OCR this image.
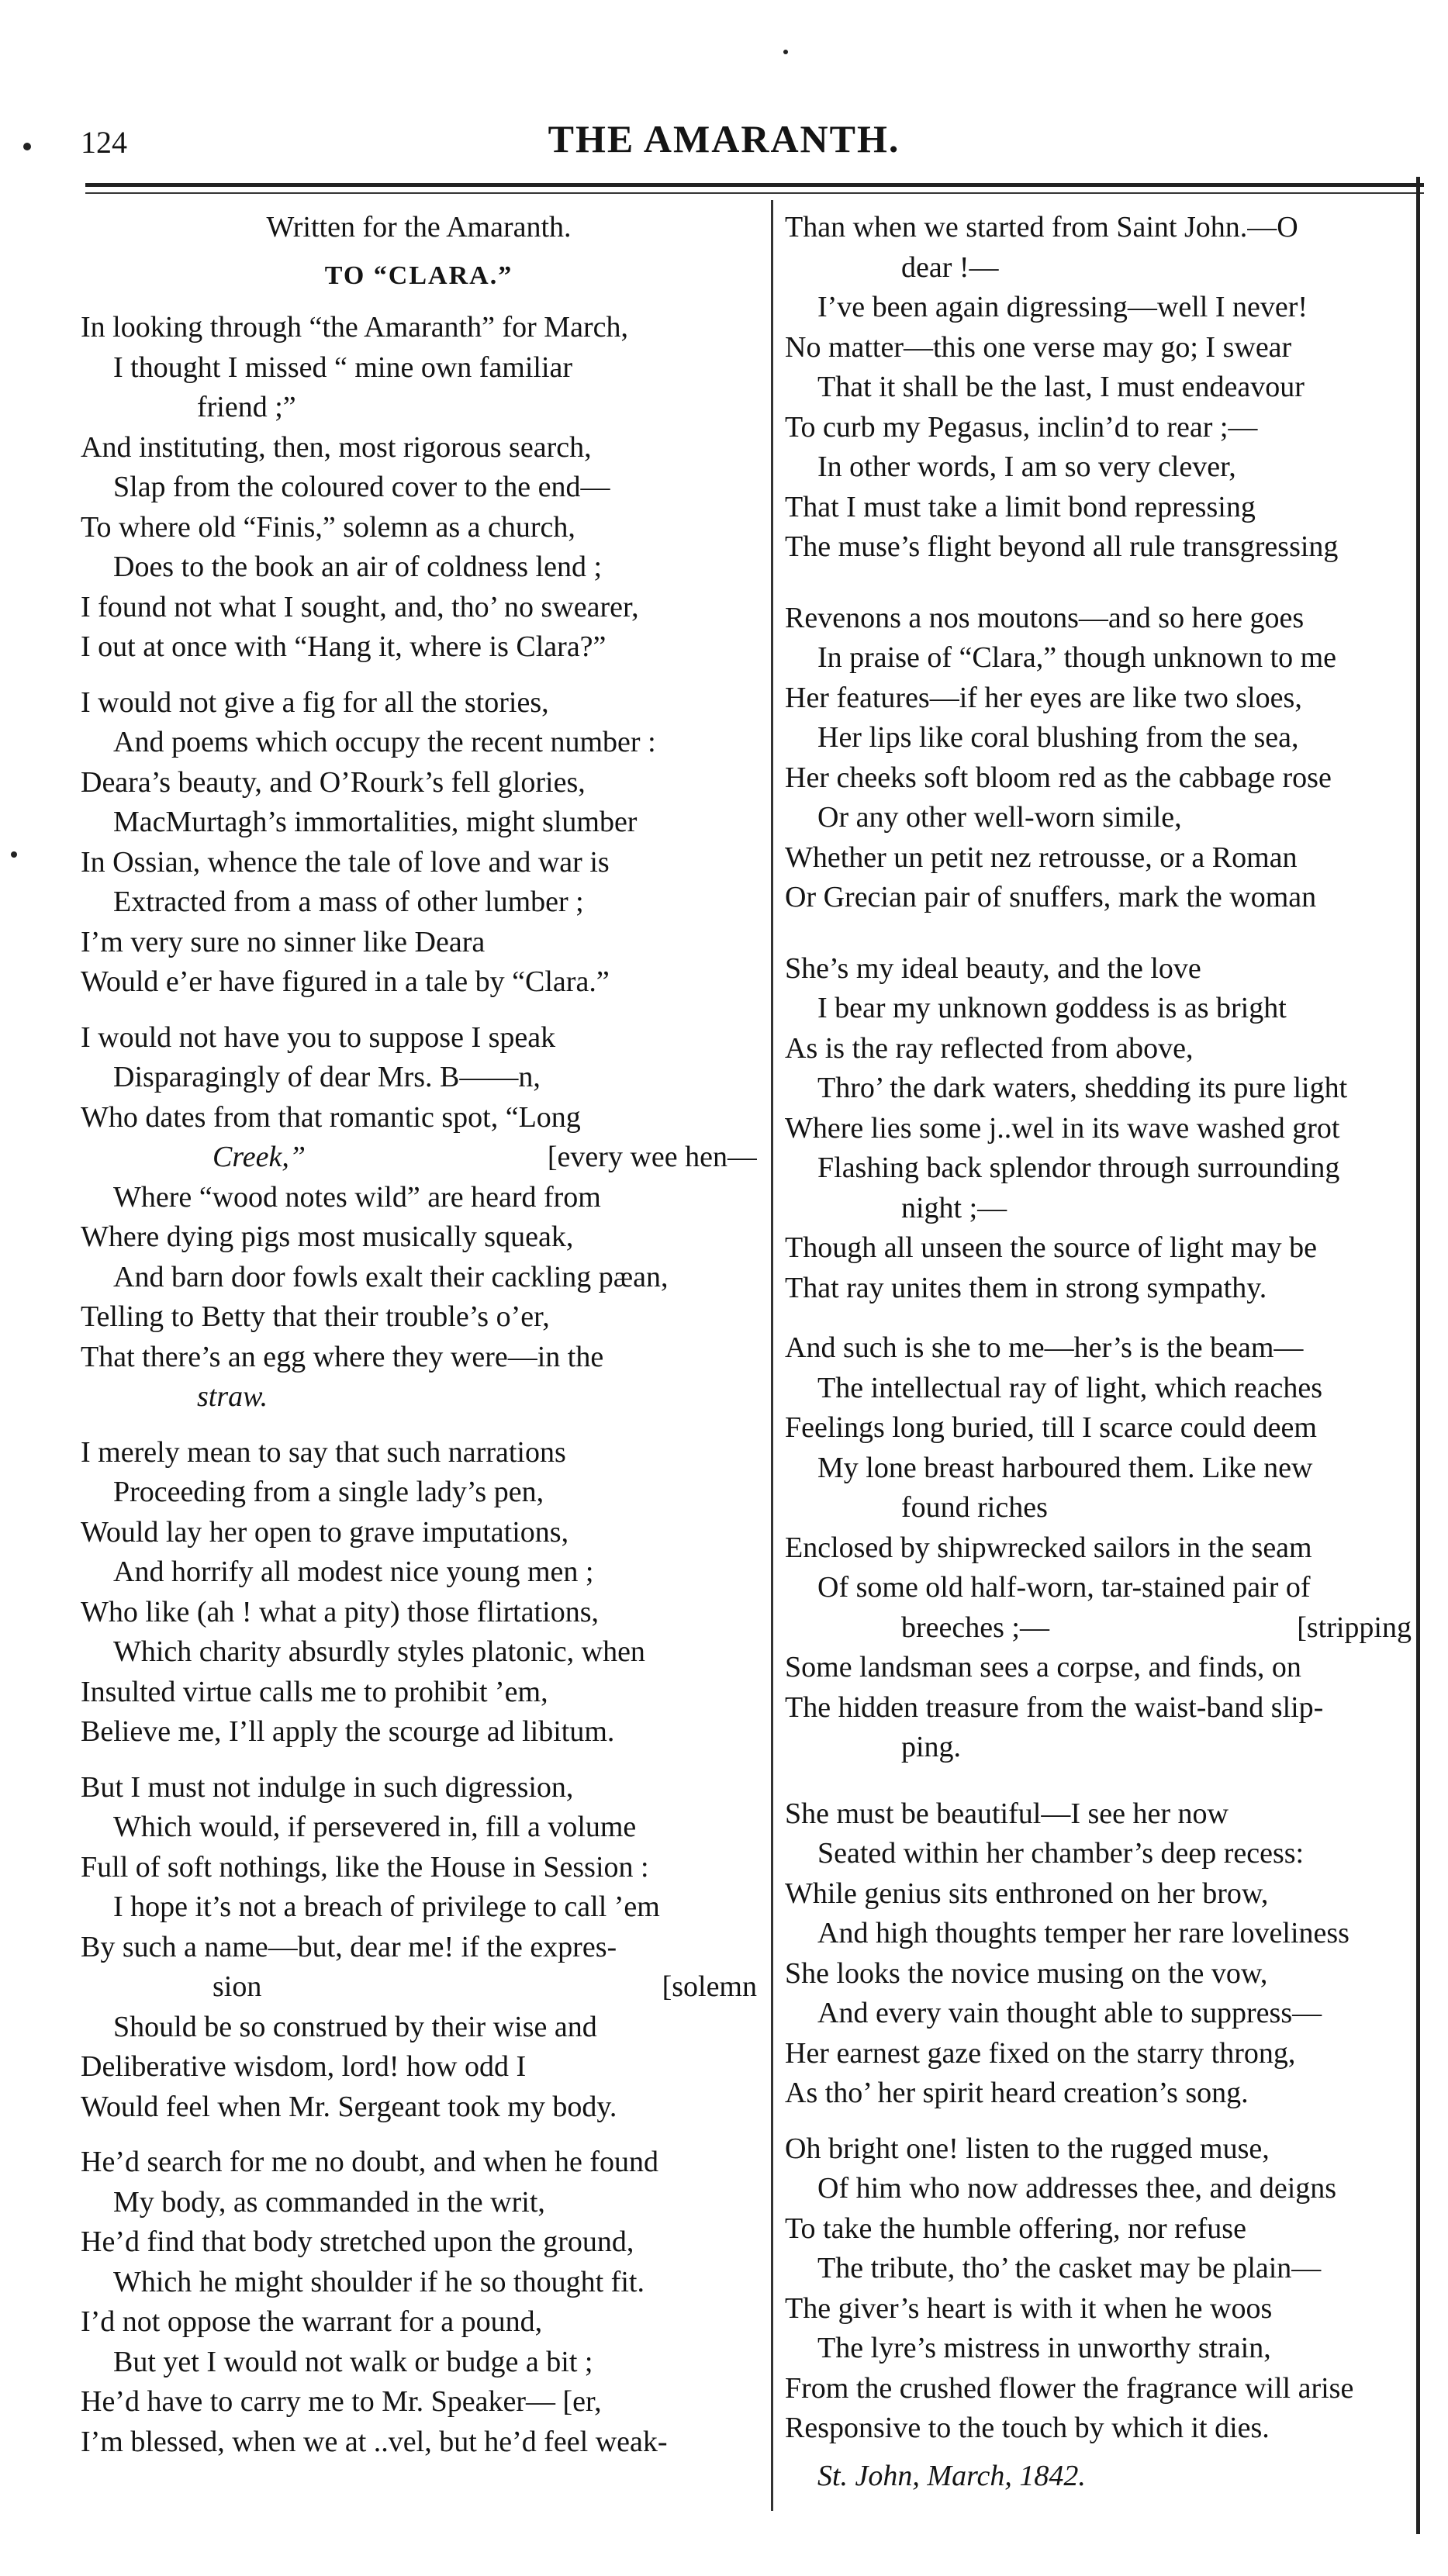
124	THE AMARANTH.
Written for the Amaranth.
TO “CLARA.”
In looking through “the Amaranth” for March,
I thought I missed “ mine own familiar
friend ;”
And instituting, then, most rigorous search,
Slap from the coloured cover to the end—
To where old “Finis,” solemn as a church,
Does to the book an air of coldness lend ;
I found not what I sought, and, tho’ no swearer,
I out at once with “Hang it, where is Clara?”
I would not give a fig for all the stories,
And poems which occupy the recent number :
Deara’s beauty, and O’Rourk’s fell glories,
MacMurtagh’s immortalities, might slumber
In Ossian, whence the tale of love and war is
Extracted from a mass of other lumber ;
I’m very sure no sinner like Deara
Would e’er have figured in a tale by “Clara.”
I would not have you to suppose I speak
Disparagingly of dear Mrs. B——n,
Who dates from that romantic spot, “Long
Creek,”	[every wee hen—
Where “wood notes wild” are heard from
Where dying pigs most musically squeak,
And barn door fowls exalt their cackling pæan,
Telling to Betty that their trouble’s o’er,
That there’s an egg where they were—in the
straw.
I merely mean to say that such narrations
Proceeding from a single lady’s pen,
Would lay her open to grave imputations,
And horrify all modest nice young men ;
Who like (ah ! what a pity) those flirtations,
Which charity absurdly styles platonic, when
Insulted virtue calls me to prohibit ’em,
Believe me, I’ll apply the scourge ad libitum.
But I must not indulge in such digression,
Which would, if persevered in, fill a volume
Full of soft nothings, like the House in Session :
I hope it’s not a breach of privilege to call ’em
By such a name—but, dear me! if the expres-
sion	[solemn
Should be so construed by their wise and
Deliberative wisdom, lord! how odd I
Would feel when Mr. Sergeant took my body.
He’d search for me no doubt, and when he found
My body, as commanded in the writ,
He’d find that body stretched upon the ground,
Which he might shoulder if he so thought fit.
I’d not oppose the warrant for a pound,
But yet I would not walk or budge a bit ;
He’d have to carry me to Mr. Speaker— [er,
I’m blessed, when we at ..vel, but he’d feel weak-
Than when we started from Saint John.—O
dear !—
I’ve been again digressing—well I never!
No matter—this one verse may go; I swear
That it shall be the last, I must endeavour
To curb my Pegasus, inclin’d to rear ;—
In other words, I am so very clever,
That I must take a limit bond repressing
The muse’s flight beyond all rule transgressing
Revenons a nos moutons—and so here goes
In praise of “Clara,” though unknown to me
Her features—if her eyes are like two sloes,
Her lips like coral blushing from the sea,
Her cheeks soft bloom red as the cabbage rose
Or any other well-worn simile,
Whether un petit nez retrousse, or a Roman
Or Grecian pair of snuffers, mark the woman
She’s my ideal beauty, and the love
I bear my unknown goddess is as bright
As is the ray reflected from above,
Thro’ the dark waters, shedding its pure light
Where lies some j..wel in its wave washed grot
Flashing back splendor through surrounding
night ;—
Though all unseen the source of light may be
That ray unites them in strong sympathy.
And such is she to me—her’s is the beam—
The intellectual ray of light, which reaches
Feelings long buried, till I scarce could deem
My lone breast harboured them. Like new
found riches
Enclosed by shipwrecked sailors in the seam
Of some old half-worn, tar-stained pair of
breeches ;—	[stripping
Some landsman sees a corpse, and finds, on
The hidden treasure from the waist-band slip-
ping.
She must be beautiful—I see her now
Seated within her chamber’s deep recess:
While genius sits enthroned on her brow,
And high thoughts temper her rare loveliness
She looks the novice musing on the vow,
And every vain thought able to suppress—
Her earnest gaze fixed on the starry throng,
As tho’ her spirit heard creation’s song.
Oh bright one! listen to the rugged muse,
Of him who now addresses thee, and deigns
To take the humble offering, nor refuse
The tribute, tho’ the casket may be plain—
The giver’s heart is with it when he woos
The lyre’s mistress in unworthy strain,
From the crushed flower the fragrance will arise
Responsive to the touch by which it dies.
St. John, March, 1842.
